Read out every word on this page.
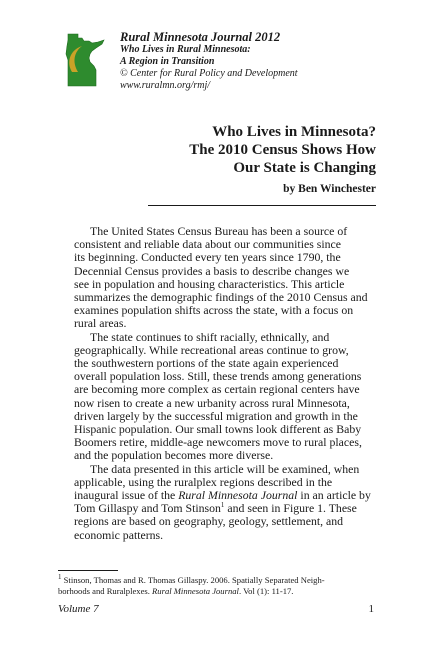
Rural Minnesota Journal 2012
Who Lives in Rural Minnesota:
A Region in Transition
© Center for Rural Policy and Development
www.ruralmn.org/rmj/
Who Lives in Minnesota?
The 2010 Census Shows How
Our State is Changing
by Ben Winchester
The United States Census Bureau has been a source of
consistent and reliable data about our communities since
its beginning. Conducted every ten years since 1790, the
Decennial Census provides a basis to describe changes we
see in population and housing characteristics. This article
summarizes the demographic findings of the 2010 Census and
examines population shifts across the state, with a focus on
rural areas.
The state continues to shift racially, ethnically, and
geographically. While recreational areas continue to grow,
the southwestern portions of the state again experienced
overall population loss. Still, these trends among generations
are becoming more complex as certain regional centers have
now risen to create a new urbanity across rural Minnesota,
driven largely by the successful migration and growth in the
Hispanic population. Our small towns look different as Baby
Boomers retire, middle-age newcomers move to rural places,
and the population becomes more diverse.
The data presented in this article will be examined, when
applicable, using the ruralplex regions described in the
inaugural issue of the Rural Minnesota Journal in an article by
Tom Gillaspy and Tom Stinson$^1$ and seen in Figure 1. These
regions are based on geography, geology, settlement, and
economic patterns.
$^1$ Stinson, Thomas and R. Thomas Gillaspy. 2006. Spatially Separated Neigh-
borhoods and Ruralplexes. Rural Minnesota Journal. Vol (1): 11-17.
Volume 7	1
